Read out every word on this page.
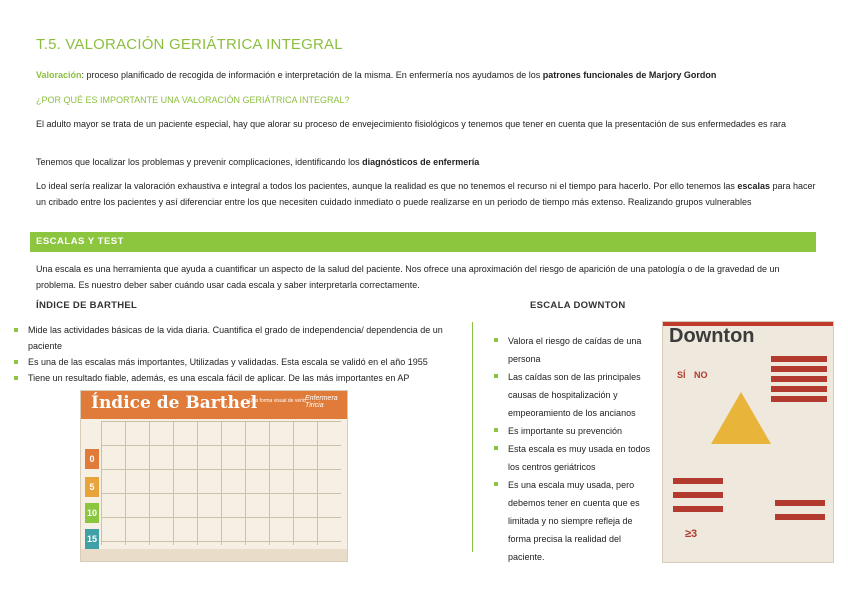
T.5. VALORACIÓN GERIÁTRICA INTEGRAL
Valoración: proceso planificado de recogida de información e interpretación de la misma. En enfermería nos ayudamos de los patrones funcionales de Marjory Gordon
¿POR QUÉ ES IMPORTANTE UNA VALORACIÓN GERIÁTRICA INTEGRAL?
El adulto mayor se trata de un paciente especial, hay que alorar su proceso de envejecimiento fisiológicos y tenemos que tener en cuenta que la presentación de sus enfermedades es rara
Tenemos que localizar los problemas y prevenir complicaciones, identificando los diagnósticos de enfermería
Lo ideal sería realizar la valoración exhaustiva e integral a todos los pacientes, aunque la realidad es que no tenemos el recurso ni el tiempo para hacerlo. Por ello tenemos las escalas para hacer un cribado entre los pacientes y así diferenciar entre los que necesiten cuidado inmediato o puede realizarse en un periodo de tiempo más extenso. Realizando grupos vulnerables
ESCALAS Y TEST
Una escala es una herramienta que ayuda a cuantificar un aspecto de la salud del paciente. Nos ofrece una aproximación del riesgo de aparición de una patología o de la gravedad de un problema. Es nuestro deber saber cuándo usar cada escala y saber interpretarla correctamente.
ÍNDICE DE BARTHEL
Mide las actividades básicas de la vida diaria. Cuantifica el grado de independencia/ dependencia de un paciente
Es una de las escalas más importantes, Utilizadas y validadas. Esta escala se validó en el año 1955
Tiene un resultado fiable, además, es una escala fácil de aplicar. De las más importantes en AP
Índice de Barthel
Una forma visual de verlo Enfermera Tiricia
0
5
10
15
ESCALA DOWNTON
Valora el riesgo de caídas de una persona
Las caídas son de las principales causas de hospitalización y empeoramiento de los ancianos
Es importante su prevención
Esta escala es muy usada en todos los centros geriátricos
Es una escala muy usada, pero debemos tener en cuenta que es limitada y no siempre refleja de forma precisa la realidad del paciente.
Downton
SÍ NO
≥3
